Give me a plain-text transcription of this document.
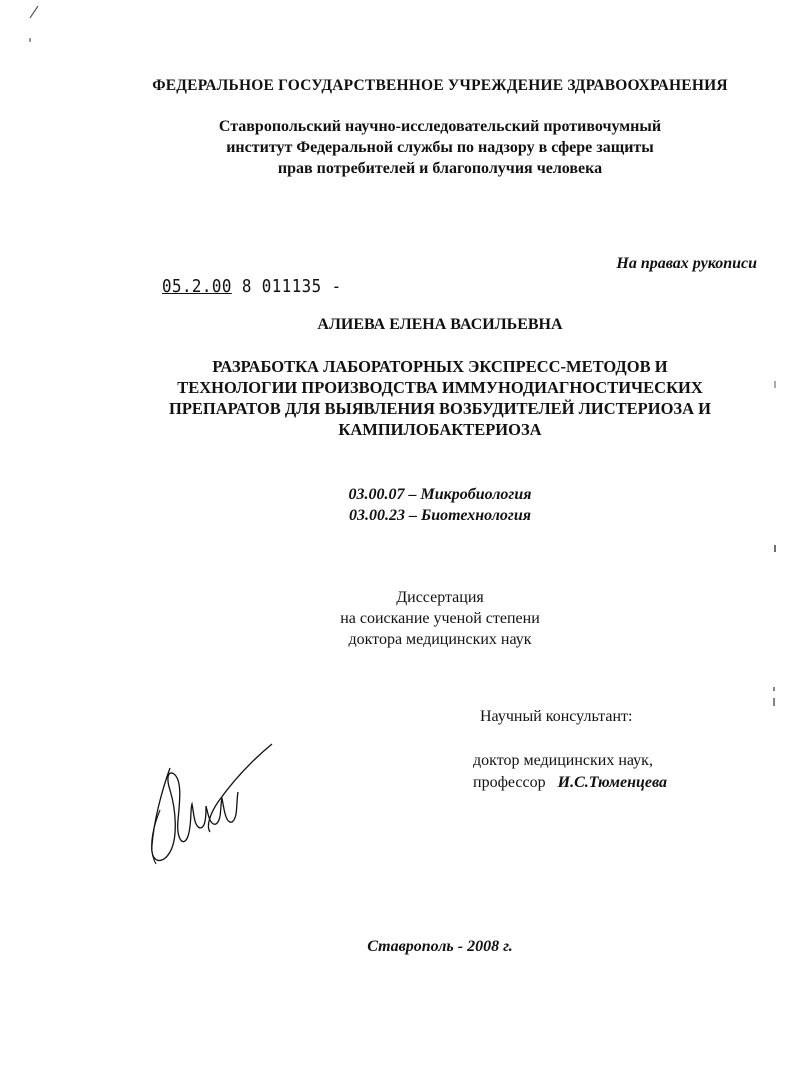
ФЕДЕРАЛЬНОЕ ГОСУДАРСТВЕННОЕ УЧРЕЖДЕНИЕ ЗДРАВООХРАНЕНИЯ
Ставропольский научно-исследовательский противочумный
институт Федеральной службы по надзору в сфере защиты
прав потребителей и благополучия человека
На правах рукописи
05.2.00 8 011135 -
АЛИЕВА ЕЛЕНА ВАСИЛЬЕВНА
РАЗРАБОТКА ЛАБОРАТОРНЫХ ЭКСПРЕСС-МЕТОДОВ И
ТЕХНОЛОГИИ ПРОИЗВОДСТВА ИММУНОДИАГНОСТИЧЕСКИХ
ПРЕПАРАТОВ ДЛЯ ВЫЯВЛЕНИЯ ВОЗБУДИТЕЛЕЙ ЛИСТЕРИОЗА И
КАМПИЛОБАКТЕРИОЗА
03.00.07 – Микробиология
03.00.23 – Биотехнология
Диссертация
на соискание ученой степени
доктора медицинских наук
Научный консультант:
доктор медицинских наук,
профессор И.С.Тюменцева
Ставрополь - 2008 г.
